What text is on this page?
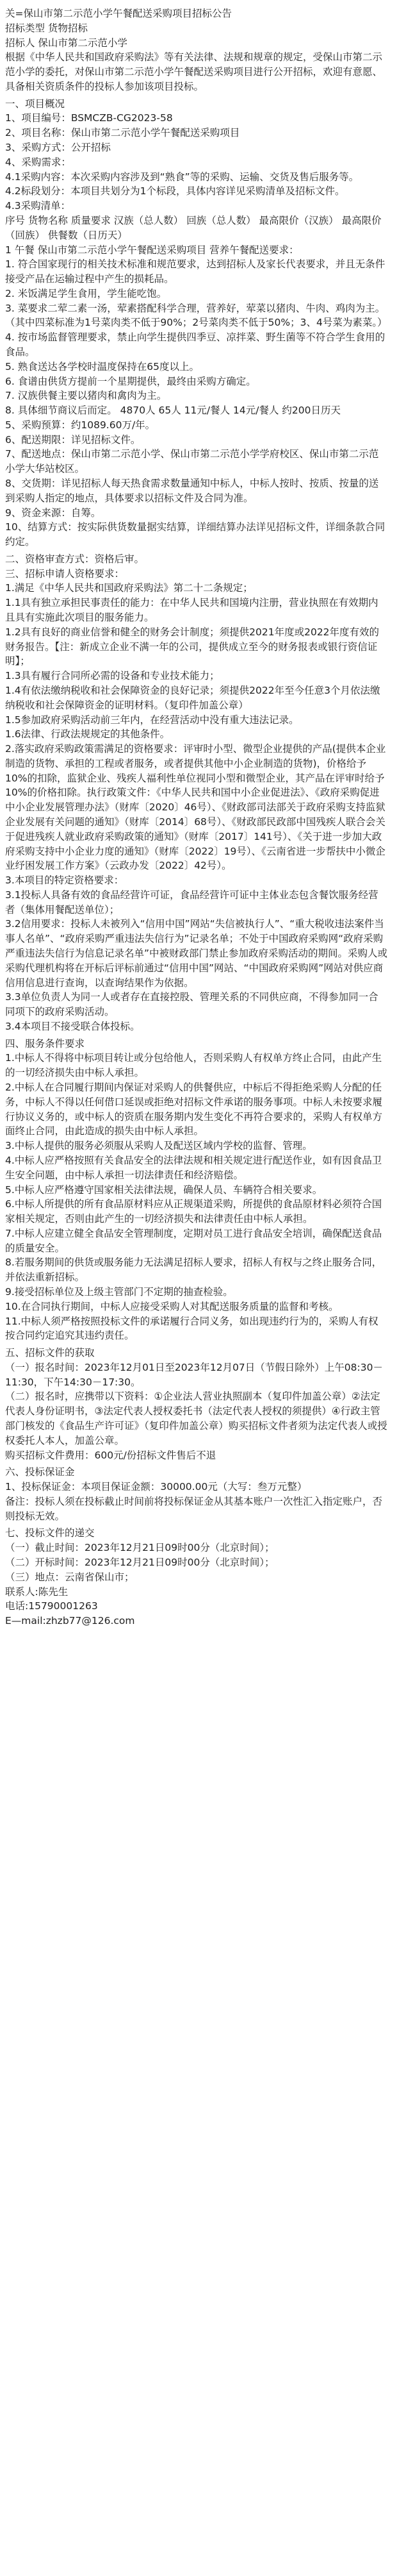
关=保山市第二示范小学午餐配送采购项目招标公告
招标类型 货物招标
招标人 保山市第二示范小学
根据《中华人民共和国政府采购法》等有关法律、法规和规章的规定，受保山市第二示范小学的委托，对保山市第二示范小学午餐配送采购项目进行公开招标，欢迎有意愿、具备相关资质条件的投标人参加该项目投标。
一、项目概况
1、项目编号：BSMCZB-CG2023-58
2、项目名称：保山市第二示范小学午餐配送采购项目
3、采购方式：公开招标
4、采购需求：
4.1采购内容：本次采购内容涉及到“熟食”等的采购、运输、交货及售后服务等。
4.2标段划分：本项目共划分为1个标段，具体内容详见采购清单及招标文件。
4.3采购清单：
序号 货物名称 质量要求 汉族（总人数） 回族（总人数） 最高限价（汉族） 最高限价
（回族） 供餐数（日历天）
1 午餐 保山市第二示范小学午餐配送采购项目 营养午餐配送要求：
1. 符合国家现行的相关技术标准和规范要求，达到招标人及家长代表要求，并且无条件接受产品在运输过程中产生的损耗品。
2. 米饭满足学生食用，学生能吃饱。
3. 菜要求二荤二素一汤，荤素搭配科学合理，营养好，荤菜以猪肉、牛肉、鸡肉为主。（其中四菜标准为1号菜肉类不低于90%；2号菜肉类不低于50%；3、4号菜为素菜。）
4. 按市场监督管理要求，禁止向学生提供四季豆、凉拌菜、野生菌等不符合学生食用的食品。
5. 熟食送达各学校时温度保持在65度以上。
6. 食谱由供货方提前一个星期提供，最终由采购方确定。
7. 汉族供餐主要以猪肉和禽肉为主。
8. 具体细节商议后而定。 4870人 65人 11元/餐人 14元/餐人 约200日历天
5、采购预算：约1089.60万/年。
6、配送期限：详见招标文件。
7、配送地点：保山市第二示范小学、保山市第二示范小学学府校区、保山市第二示范小学大华站校区。
8、交货期：详见招标人每天热食需求数量通知中标人，中标人按时、按质、按量的送到采购人指定的地点，具体要求以招标文件及合同为准。
9、资金来源：自筹。
10、结算方式：按实际供货数量据实结算，详细结算办法详见招标文件，详细条款合同约定。
二、资格审查方式：资格后审。
三、招标申请人资格要求：
1.满足《中华人民共和国政府采购法》第二十二条规定；
1.1具有独立承担民事责任的能力：在中华人民共和国境内注册，营业执照在有效期内且具有实施此次项目的服务能力。
1.2具有良好的商业信誉和健全的财务会计制度；须提供2021年度或2022年度有效的财务报告。【注：新成立企业不满一年的公司，提供成立至今的财务报表或银行资信证明】；
1.3具有履行合同所必需的设备和专业技术能力；
1.4有依法缴纳税收和社会保障资金的良好记录；须提供2022年至今任意3个月依法缴纳税收和社会保障资金的证明材料。（复印件加盖公章）
1.5参加政府采购活动前三年内，在经营活动中没有重大违法记录。
1.6法律、行政法规规定的其他条件。
2.落实政府采购政策需满足的资格要求：评审时小型、微型企业提供的产品(提供本企业制造的货物、承担的工程或者服务，或者提供其他中小企业制造的货物)，价格给予10%的扣除，监狱企业、残疾人福利性单位视同小型和微型企业，其产品在评审时给予10%的价格扣除。执行政策文件：《中华人民共和国中小企业促进法》、《政府采购促进中小企业发展管理办法》（财库〔2020〕46号）、《财政部司法部关于政府采购支持监狱企业发展有关问题的通知》（财库〔2014〕68号）、《财政部民政部中国残疾人联合会关于促进残疾人就业政府采购政策的通知》（财库〔2017〕141号）、《关于进一步加大政府采购支持中小企业力度的通知》（财库〔2022〕19号）、《云南省进一步帮扶中小微企业纾困发展工作方案》（云政办发〔2022〕42号）。
3.本项目的特定资格要求：
3.1投标人具备有效的食品经营许可证，食品经营许可证中主体业态包含餐饮服务经营者（集体用餐配送单位）；
3.2信用要求：投标人未被列入“信用中国”网站“失信被执行人”、“重大税收违法案件当事人名单”、“政府采购严重违法失信行为”记录名单；不处于中国政府采购网“政府采购严重违法失信行为信息记录名单”中被财政部门禁止参加政府采购活动的期间。采购人或采购代理机构将在开标后评标前通过“信用中国”网站、“中国政府采购网”网站对供应商信用信息进行查询，以查询结果作为依据。
3.3单位负责人为同一人或者存在直接控股、管理关系的不同供应商，不得参加同一合同项下的政府采购活动。
3.4本项目不接受联合体投标。
四、服务条件要求
1.中标人不得将中标项目转让或分包给他人，否则采购人有权单方终止合同，由此产生的一切经济损失由中标人承担。
2.中标人在合同履行期间内保证对采购人的供餐供应，中标后不得拒绝采购人分配的任务，中标人不得以任何借口延误或拒绝对招标文件承诺的服务事项。中标人未按要求履行协议义务的，或中标人的资质在服务期内发生变化不再符合要求的，采购人有权单方面终止合同，由此造成的损失由中标人承担。
3.中标人提供的服务必须服从采购人及配送区域内学校的监督、管理。
4.中标人应严格按照有关食品安全的法律法规和相关规定进行配送作业，如有因食品卫生安全问题，由中标人承担一切法律责任和经济赔偿。
5.中标人应严格遵守国家相关法律法规，确保人员、车辆符合相关要求。
6.中标人所提供的所有食品原材料应从正规渠道采购，所提供的食品原材料必须符合国家相关规定，否则由此产生的一切经济损失和法律责任由中标人承担。
7.中标人应建立健全食品安全管理制度，定期对员工进行食品安全培训，确保配送食品的质量安全。
8.若服务期间的供货或服务能力无法满足招标人要求，招标人有权与之终止服务合同，并依法重新招标。
9.接受招标单位及上级主管部门不定期的抽查检验。
10.在合同执行期间，中标人应接受采购人对其配送服务质量的监督和考核。
11.中标人须严格按照投标文件的承诺履行合同义务，如出现违约行为的，采购人有权按合同约定追究其违约责任。
五、招标文件的获取
（一）报名时间：2023年12月01日至2023年12月07日（节假日除外）上午08:30－11:30，下午14:30－17:30。
（二）报名时，应携带以下资料：①企业法人营业执照副本（复印件加盖公章）②法定代表人身份证明书，③法定代表人授权委托书（法定代表人授权的须提供）④行政主管部门核发的《食品生产许可证》（复印件加盖公章）购买招标文件者须为法定代表人或授权委托人本人，加盖公章。
购买招标文件费用：600元/份招标文件售后不退
六、投标保证金
1、投标保证金：本项目保证金额：30000.00元（大写：叁万元整）
备注：投标人须在投标截止时间前将投标保证金从其基本账户一次性汇入指定账户，否则投标无效。
七、投标文件的递交
（一）截止时间：2023年12月21日09时00分（北京时间）；
（二）开标时间：2023年12月21日09时00分（北京时间）；
（三）地点：云南省保山市；
联系人:陈先生
电话:15790001263
E—mail:zhzb77@126.com
